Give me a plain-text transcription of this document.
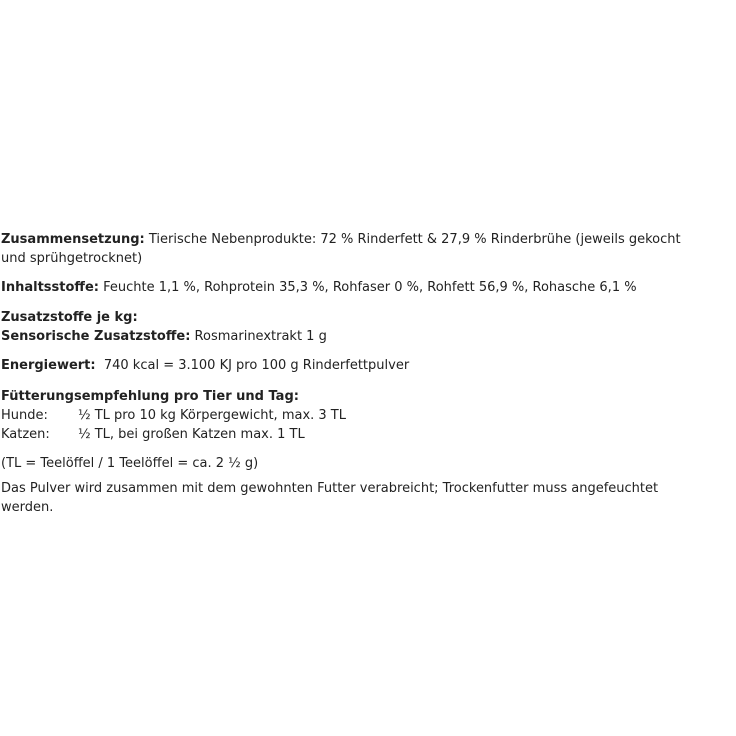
Zusammensetzung: Tierische Nebenprodukte: 72 % Rinderfett & 27,9 % Rinderbrühe (jeweils gekocht
und sprühgetrocknet)
Inhaltsstoffe: Feuchte 1,1 %, Rohprotein 35,3 %, Rohfaser 0 %, Rohfett 56,9 %, Rohasche 6,1 %
Zusatzstoffe je kg:
Sensorische Zusatzstoffe: Rosmarinextrakt 1 g
Energiewert:  740 kcal = 3.100 KJ pro 100 g Rinderfettpulver
Fütterungsempfehlung pro Tier und Tag:
Hunde: ½ TL pro 10 kg Körpergewicht, max. 3 TL
Katzen: ½ TL, bei großen Katzen max. 1 TL
(TL = Teelöffel / 1 Teelöffel = ca. 2 ½ g)
Das Pulver wird zusammen mit dem gewohnten Futter verabreicht; Trockenfutter muss angefeuchtet
werden.
